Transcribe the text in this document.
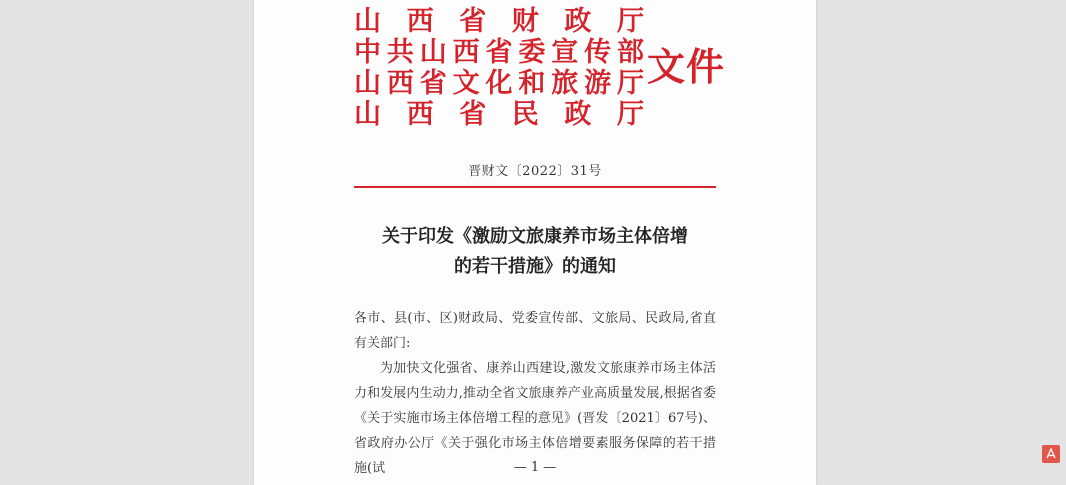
山 西 省 财 政 厅
中共山西省委宣传部
山西省文化和旅游厅
山 西 省 民 政 厅
文件
晋财文〔2022〕31号
关于印发《激励文旅康养市场主体倍增
的若干措施》的通知

各市、县(市、区)财政局、党委宣传部、文旅局、民政局,省直有关部门:

为加快文化强省、康养山西建设,激发文旅康养市场主体活力和发展内生动力,推动全省文旅康养产业高质量发展,根据省委《关于实施市场主体倍增工程的意见》(晋发〔2021〕67号)、省政府办公厅《关于强化市场主体倍增要素服务保障的若干措施(试	— 1 —
